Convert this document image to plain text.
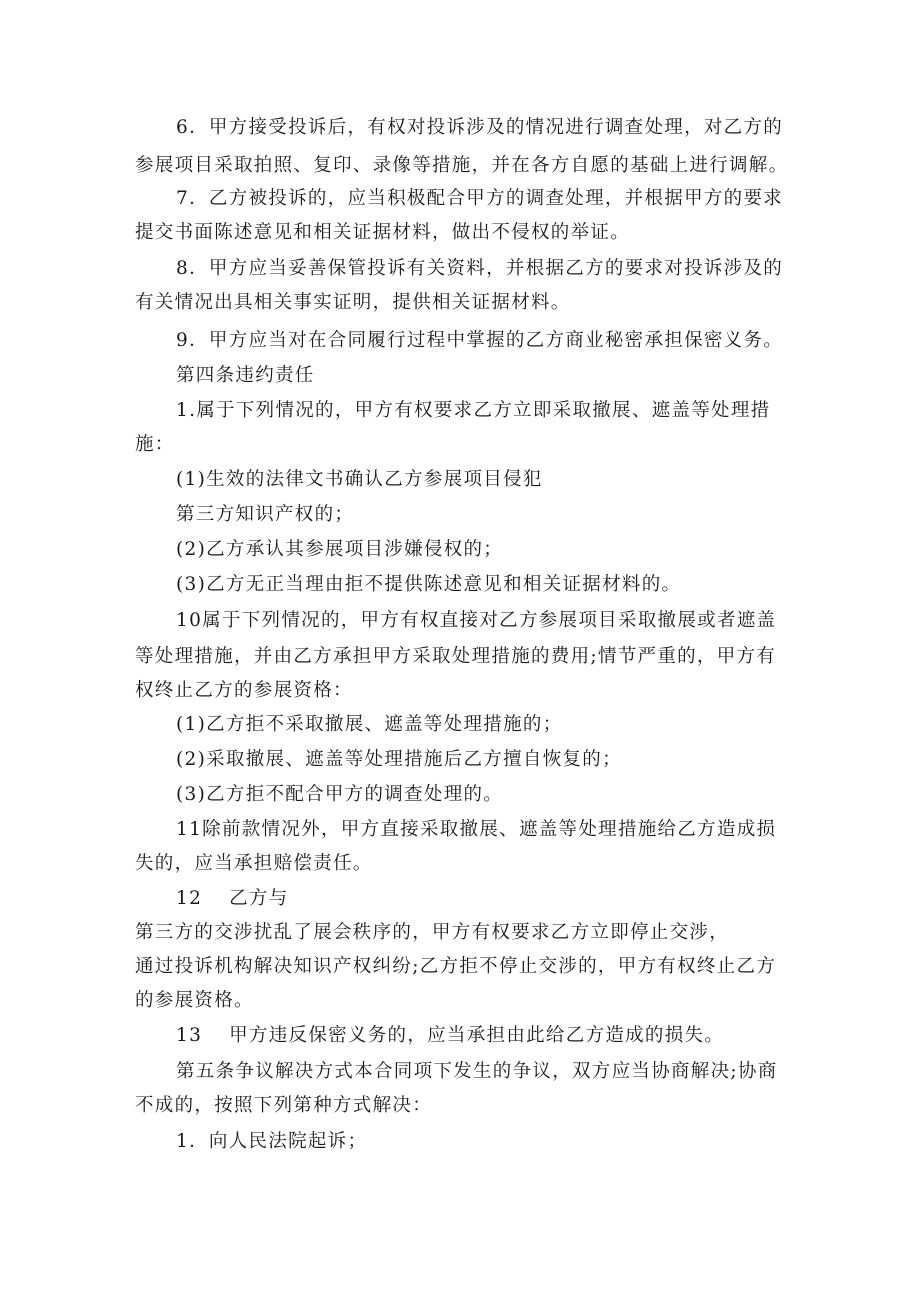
6．甲方接受投诉后，有权对投诉涉及的情况进行调查处理，对乙方的
参展项目采取拍照、复印、录像等措施，并在各方自愿的基础上进行调解。
7．乙方被投诉的，应当积极配合甲方的调查处理，并根据甲方的要求
提交书面陈述意见和相关证据材料，做出不侵权的举证。
8．甲方应当妥善保管投诉有关资料，并根据乙方的要求对投诉涉及的
有关情况出具相关事实证明，提供相关证据材料。
9．甲方应当对在合同履行过程中掌握的乙方商业秘密承担保密义务。
第四条违约责任
1.属于下列情况的，甲方有权要求乙方立即采取撤展、遮盖等处理措
施：
(1)生效的法律文书确认乙方参展项目侵犯
第三方知识产权的；
(2)乙方承认其参展项目涉嫌侵权的；
(3)乙方无正当理由拒不提供陈述意见和相关证据材料的。
10属于下列情况的，甲方有权直接对乙方参展项目采取撤展或者遮盖
等处理措施，并由乙方承担甲方采取处理措施的费用;情节严重的，甲方有
权终止乙方的参展资格：
(1)乙方拒不采取撤展、遮盖等处理措施的；
(2)采取撤展、遮盖等处理措施后乙方擅自恢复的；
(3)乙方拒不配合甲方的调查处理的。
11除前款情况外，甲方直接采取撤展、遮盖等处理措施给乙方造成损
失的，应当承担赔偿责任。
12　 乙方与
第三方的交涉扰乱了展会秩序的，甲方有权要求乙方立即停止交涉，
通过投诉机构解决知识产权纠纷;乙方拒不停止交涉的，甲方有权终止乙方
的参展资格。
13　 甲方违反保密义务的，应当承担由此给乙方造成的损失。
第五条争议解决方式本合同项下发生的争议，双方应当协商解决;协商
不成的，按照下列第种方式解决：
1．向人民法院起诉；
